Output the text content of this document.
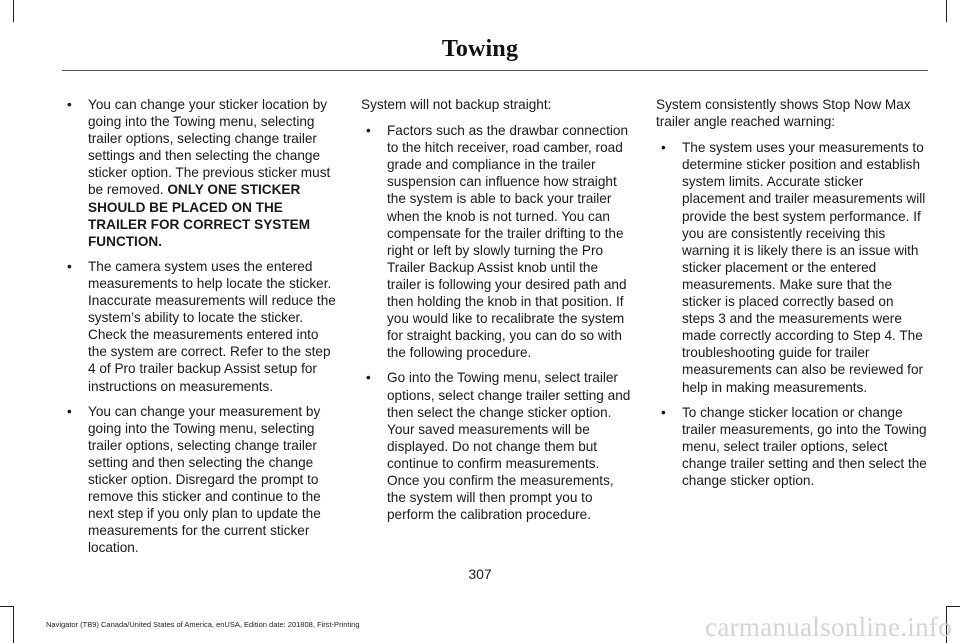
Towing
• You can change your sticker location by going into the Towing menu, selecting trailer options, selecting change trailer settings and then selecting the change sticker option. The previous sticker must be removed. ONLY ONE STICKER SHOULD BE PLACED ON THE TRAILER FOR CORRECT SYSTEM FUNCTION.
• The camera system uses the entered measurements to help locate the sticker. Inaccurate measurements will reduce the system’s ability to locate the sticker. Check the measurements entered into the system are correct. Refer to the step 4 of Pro trailer backup Assist setup for instructions on measurements.
• You can change your measurement by going into the Towing menu, selecting trailer options, selecting change trailer setting and then selecting the change sticker option. Disregard the prompt to remove this sticker and continue to the next step if you only plan to update the measurements for the current sticker location.

System will not backup straight:

• Factors such as the drawbar connection to the hitch receiver, road camber, road grade and compliance in the trailer suspension can influence how straight the system is able to back your trailer when the knob is not turned. You can compensate for the trailer drifting to the right or left by slowly turning the Pro Trailer Backup Assist knob until the trailer is following your desired path and then holding the knob in that position. If you would like to recalibrate the system for straight backing, you can do so with the following procedure.
• Go into the Towing menu, select trailer options, select change trailer setting and then select the change sticker option. Your saved measurements will be displayed. Do not change them but continue to confirm measurements. Once you confirm the measurements, the system will then prompt you to perform the calibration procedure.

System consistently shows Stop Now Max trailer angle reached warning:

• The system uses your measurements to determine sticker position and establish system limits. Accurate sticker placement and trailer measurements will provide the best system performance. If you are consistently receiving this warning it is likely there is an issue with sticker placement or the entered measurements. Make sure that the sticker is placed correctly based on steps 3 and the measurements were made correctly according to Step 4. The troubleshooting guide for trailer measurements can also be reviewed for help in making measurements.
• To change sticker location or change trailer measurements, go into the Towing menu, select trailer options, select change trailer setting and then select the change sticker option.
307
Navigator (TB9) Canada/United States of America, enUSA, Edition date: 201808, First-Printing	carmanualsonline.info
